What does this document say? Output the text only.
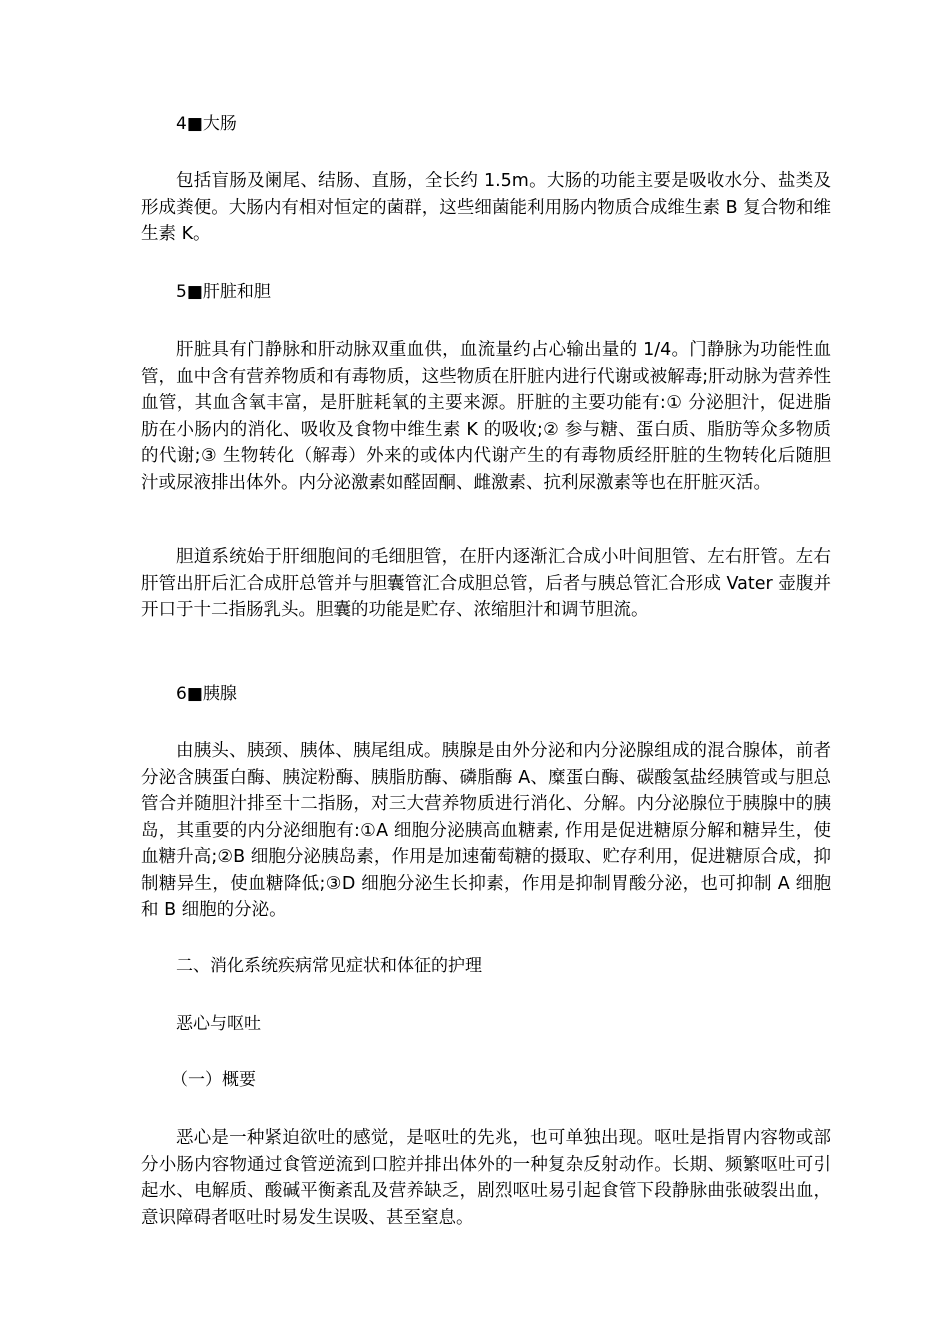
4■大肠
包括盲肠及阑尾、结肠、直肠，全长约 1.5m。大肠的功能主要是吸收水分、盐类及形成粪便。大肠内有相对恒定的菌群，这些细菌能利用肠内物质合成维生素 B 复合物和维生素 K。
5■肝脏和胆
肝脏具有门静脉和肝动脉双重血供，血流量约占心输出量的 1/4。门静脉为功能性血管，血中含有营养物质和有毒物质，这些物质在肝脏内进行代谢或被解毒;肝动脉为营养性血管，其血含氧丰富，是肝脏耗氧的主要来源。肝脏的主要功能有:① 分泌胆汁，促进脂肪在小肠内的消化、吸收及食物中维生素 K 的吸收;② 参与糖、蛋白质、脂肪等众多物质的代谢;③ 生物转化（解毒）外来的或体内代谢产生的有毒物质经肝脏的生物转化后随胆汁或尿液排出体外。内分泌激素如醛固酮、雌激素、抗利尿激素等也在肝脏灭活。
胆道系统始于肝细胞间的毛细胆管，在肝内逐渐汇合成小叶间胆管、左右肝管。左右肝管出肝后汇合成肝总管并与胆囊管汇合成胆总管，后者与胰总管汇合形成 Vater 壶腹并开口于十二指肠乳头。胆囊的功能是贮存、浓缩胆汁和调节胆流。
6■胰腺
由胰头、胰颈、胰体、胰尾组成。胰腺是由外分泌和内分泌腺组成的混合腺体，前者分泌含胰蛋白酶、胰淀粉酶、胰脂肪酶、磷脂酶 A、糜蛋白酶、碳酸氢盐经胰管或与胆总管合并随胆汁排至十二指肠，对三大营养物质进行消化、分解。内分泌腺位于胰腺中的胰岛，其重要的内分泌细胞有:①A 细胞分泌胰高血糖素, 作用是促进糖原分解和糖异生，使血糖升高;②B 细胞分泌胰岛素，作用是加速葡萄糖的摄取、贮存利用，促进糖原合成，抑制糖异生，使血糖降低;③D 细胞分泌生长抑素，作用是抑制胃酸分泌，也可抑制 A 细胞和 B 细胞的分泌。
二、消化系统疾病常见症状和体征的护理
恶心与呕吐
（一）概要
恶心是一种紧迫欲吐的感觉，是呕吐的先兆，也可单独出现。呕吐是指胃内容物或部分小肠内容物通过食管逆流到口腔并排出体外的一种复杂反射动作。长期、频繁呕吐可引起水、电解质、酸碱平衡紊乱及营养缺乏，剧烈呕吐易引起食管下段静脉曲张破裂出血，意识障碍者呕吐时易发生误吸、甚至窒息。
